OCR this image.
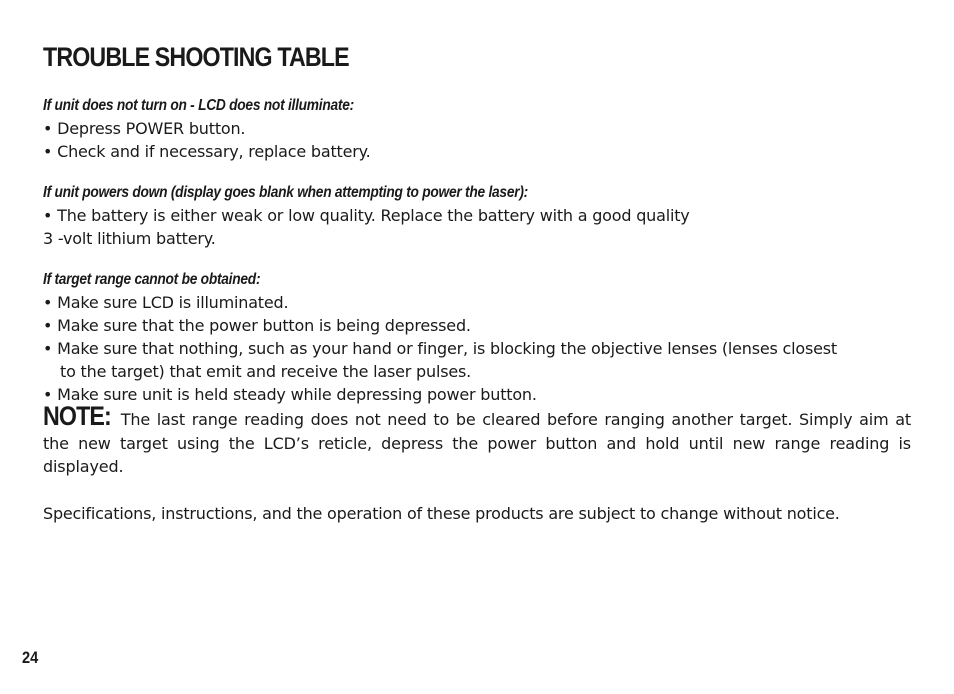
TROUBLE SHOOTING TABLE
If unit does not turn on - LCD does not illuminate:
• Depress POWER button.
• Check and if necessary, replace battery.
If unit powers down (display goes blank when attempting to power the laser):
• The battery is either weak or low quality. Replace the battery with a good quality
3 -volt lithium battery.
If target range cannot be obtained:
• Make sure LCD is illuminated.
• Make sure that the power button is being depressed.
• Make sure that nothing, such as your hand or finger, is blocking the objective lenses (lenses closest
to the target) that emit and receive the laser pulses.
• Make sure unit is held steady while depressing power button.
NOTE: The last range reading does not need to be cleared before ranging another target. Simply aim at the new target using the LCD’s reticle, depress the power button and hold until new range reading is displayed.
Specifications, instructions, and the operation of these products are subject to change without notice.
24
